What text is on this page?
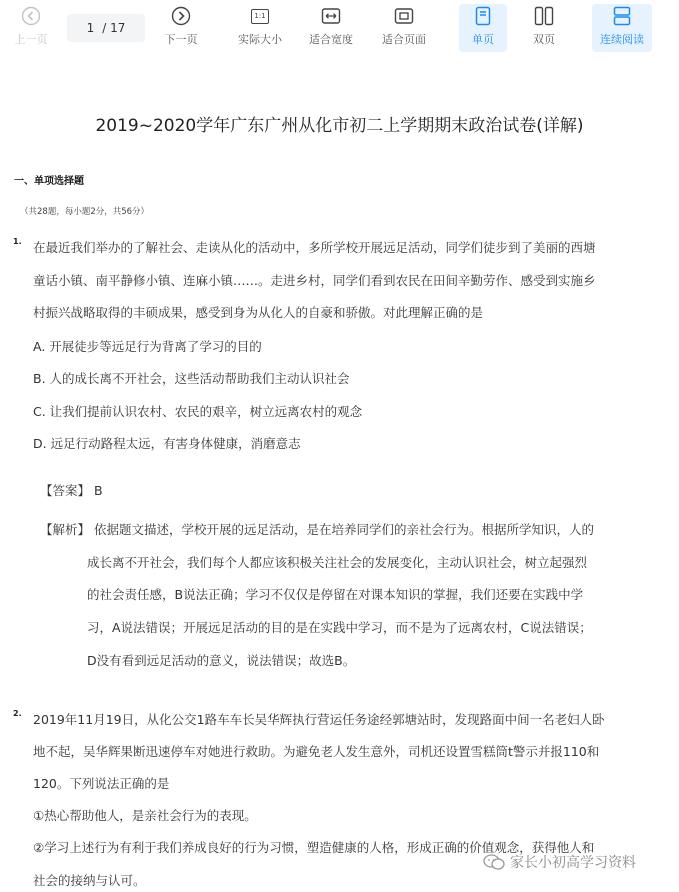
上一页
1 / 17
下一页
1:1
实际大小 适合宽度	适合页面	单页	双页	连续阅读
2019~2020学年广东广州从化市初二上学期期末政治试卷(详解)
一、单项选择题
（共28题，每小题2分，共56分）
1. 在最近我们举办的了解社会、走读从化的活动中，多所学校开展远足活动，同学们徒步到了美丽的西塘
童话小镇、南平静修小镇、连麻小镇……。走进乡村，同学们看到农民在田间辛勤劳作、感受到实施乡
村振兴战略取得的丰硕成果，感受到身为从化人的自豪和骄傲。对此理解正确的是
A. 开展徒步等远足行为背离了学习的目的
B. 人的成长离不开社会，这些活动帮助我们主动认识社会
C. 让我们提前认识农村、农民的艰辛，树立远离农村的观念
D. 远足行动路程太远，有害身体健康，消磨意志
【答案】 B
【解析】 依据题文描述，学校开展的远足活动，是在培养同学们的亲社会行为。根据所学知识，人的
成长离不开社会，我们每个人都应该积极关注社会的发展变化，主动认识社会，树立起强烈
的社会责任感，B说法正确；学习不仅仅是停留在对课本知识的掌握，我们还要在实践中学
习，A说法错误；开展远足活动的目的是在实践中学习，而不是为了远离农村，C说法错误；
D没有看到远足活动的意义，说法错误；故选B。
2. 2019年11月19日，从化公交1路车车长吴华辉执行营运任务途经郭塘站时，发现路面中间一名老妇人卧
地不起，吴华辉果断迅速停车对她进行救助。为避免老人发生意外，司机还设置雪糕筒t警示并报110和
120。下列说法正确的是
①热心帮助他人，是亲社会行为的表现。
②学习上述行为有利于我们养成良好的行为习惯，塑造健康的人格，形成正确的价值观念，获得他人和
社会的接纳与认可。
家长小初高学习资料
